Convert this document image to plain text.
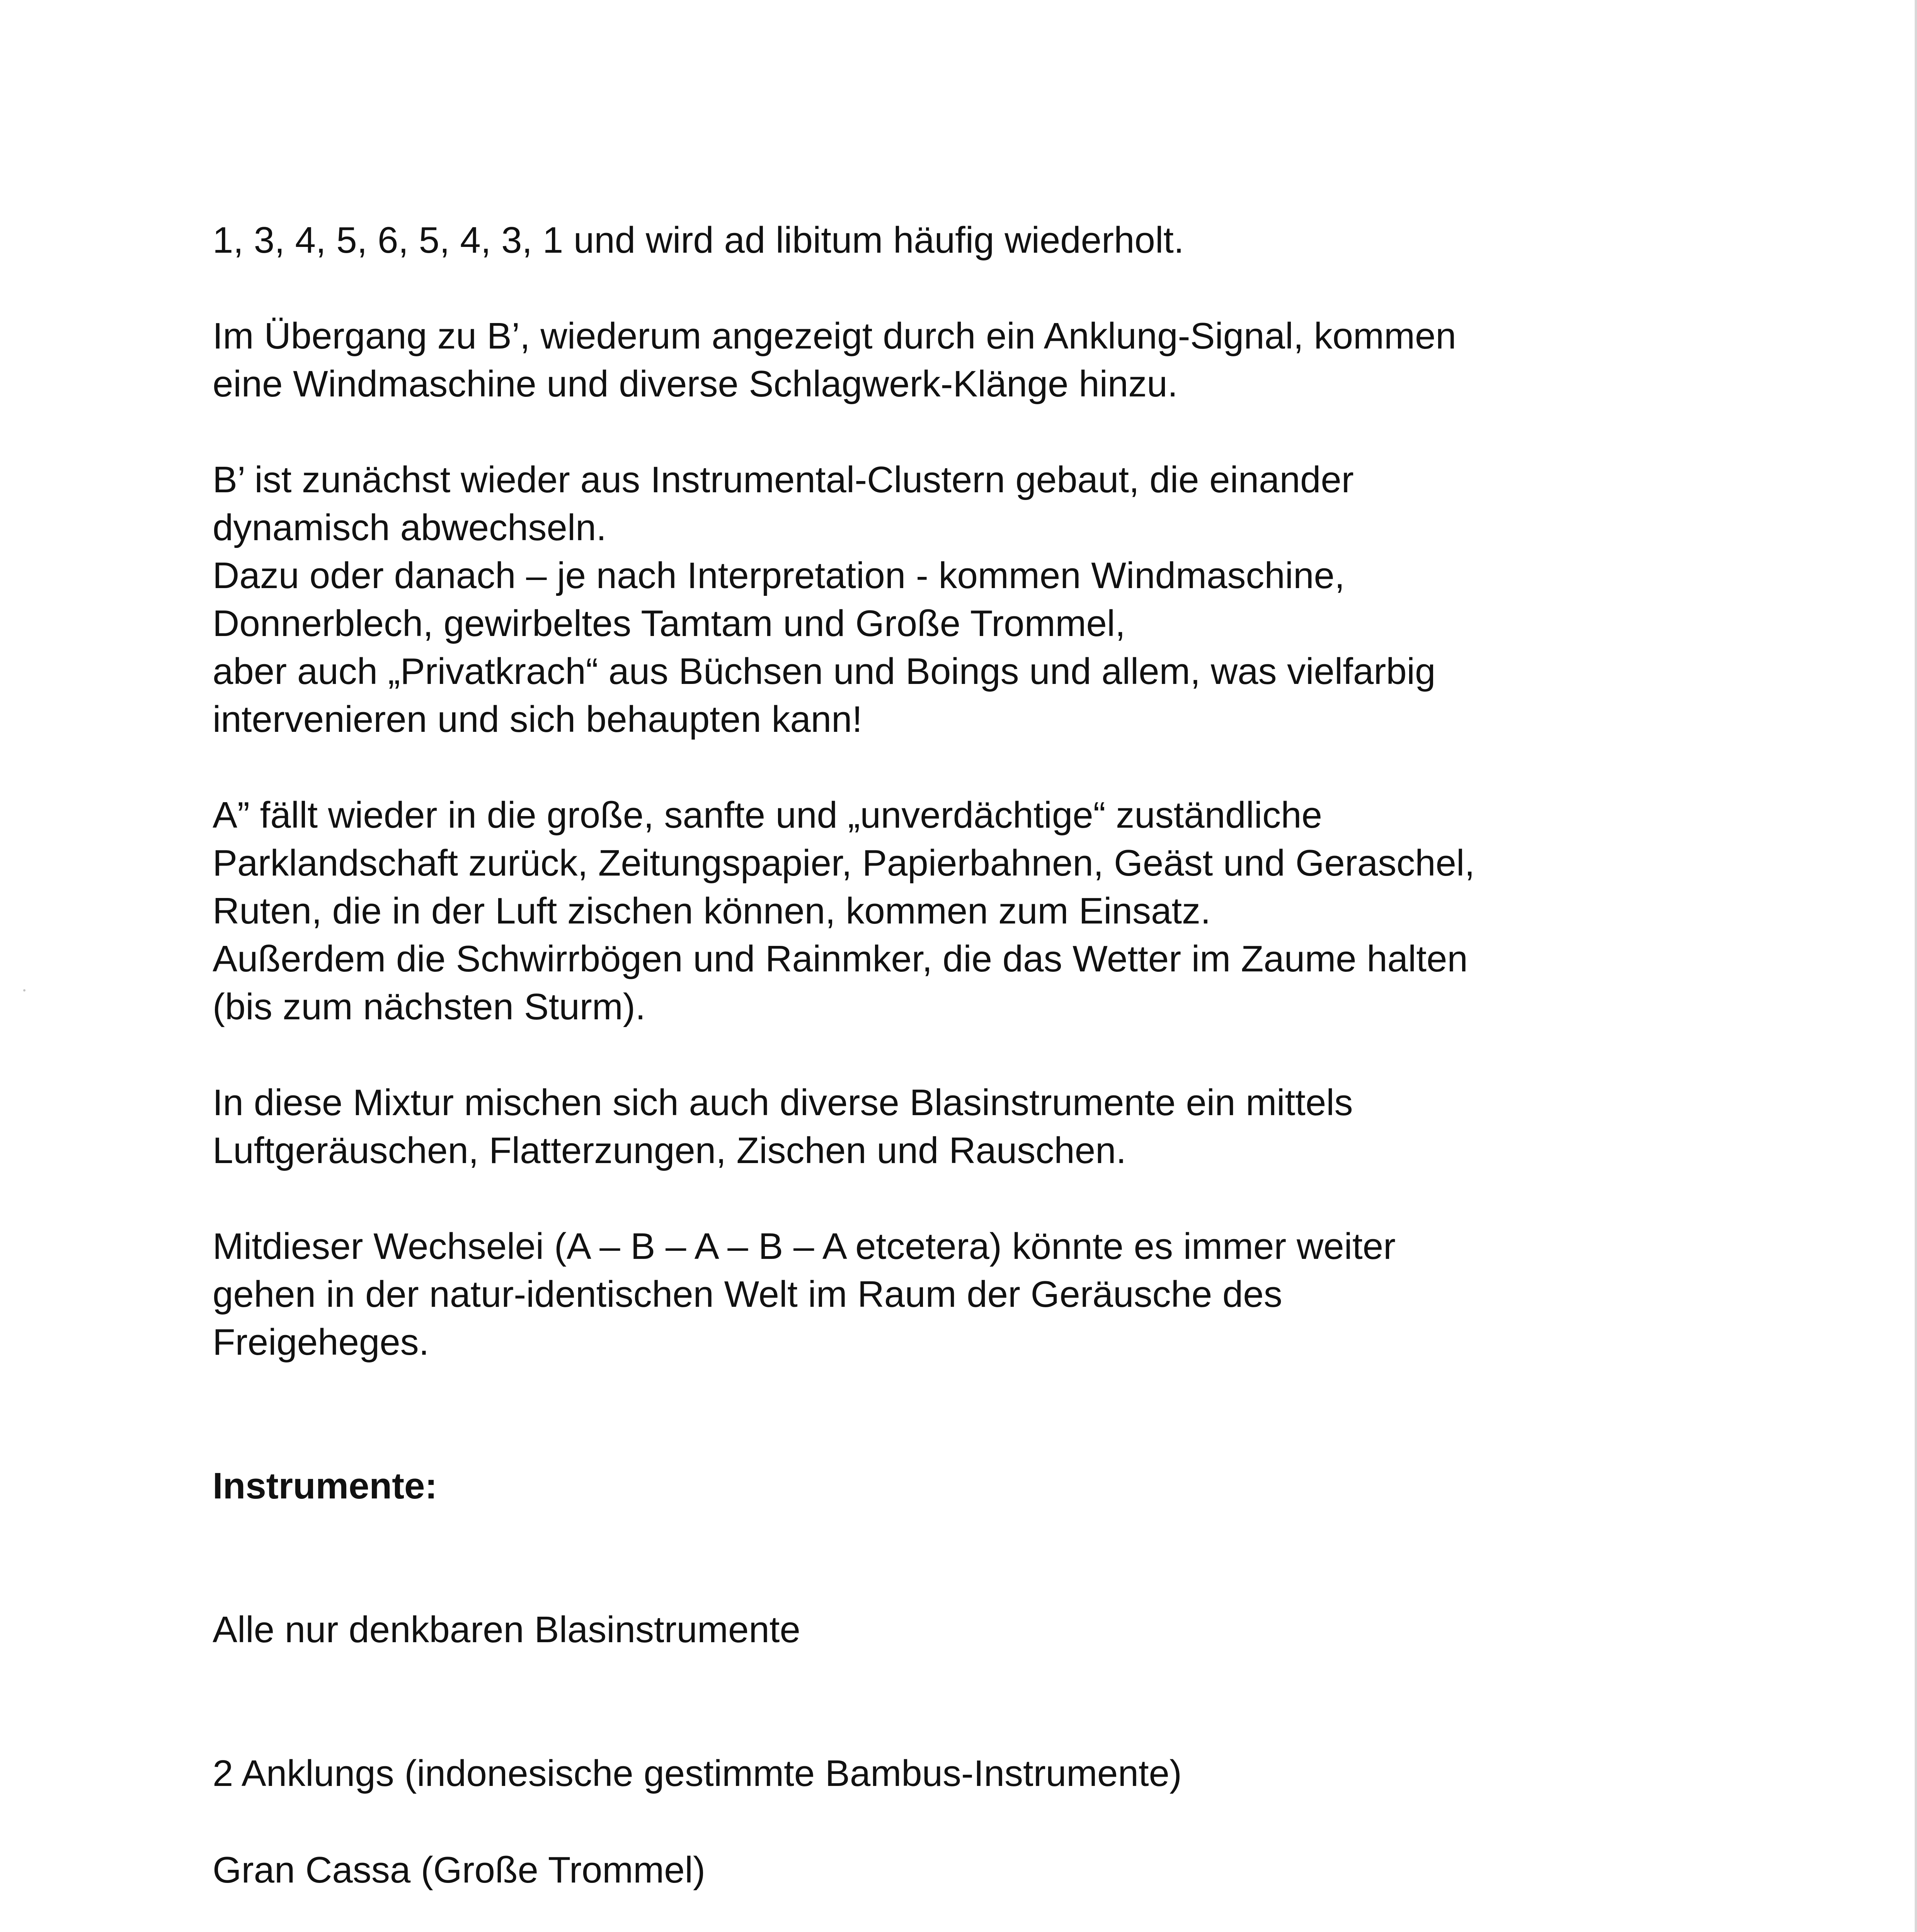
1, 3, 4, 5, 6, 5, 4, 3, 1 und wird ad libitum häufig wiederholt.
Im Übergang zu B’, wiederum angezeigt durch ein Anklung-Signal, kommen
eine Windmaschine und diverse Schlagwerk-Klänge hinzu.
B’ ist zunächst wieder aus Instrumental-Clustern gebaut, die einander
dynamisch abwechseln.
Dazu oder danach – je nach Interpretation - kommen Windmaschine,
Donnerblech, gewirbeltes Tamtam und Große Trommel,
aber auch „Privatkrach“ aus Büchsen und Boings und allem, was vielfarbig
intervenieren und sich behaupten kann!
A” fällt wieder in die große, sanfte und „unverdächtige“ zuständliche
Parklandschaft zurück, Zeitungspapier, Papierbahnen, Geäst und Geraschel,
Ruten, die in der Luft zischen können, kommen zum Einsatz.
Außerdem die Schwirrbögen und Rainmker, die das Wetter im Zaume halten
(bis zum nächsten Sturm).
In diese Mixtur mischen sich auch diverse Blasinstrumente ein mittels
Luftgeräuschen, Flatterzungen, Zischen und Rauschen.
Mitdieser Wechselei (A – B – A – B – A etcetera) könnte es immer weiter
gehen in der natur-identischen Welt im Raum der Geräusche des
Freigeheges.
Instrumente:
Alle nur denkbaren Blasinstrumente
2 Anklungs (indonesische gestimmte Bambus-Instrumente)
Gran Cassa (Große Trommel)
